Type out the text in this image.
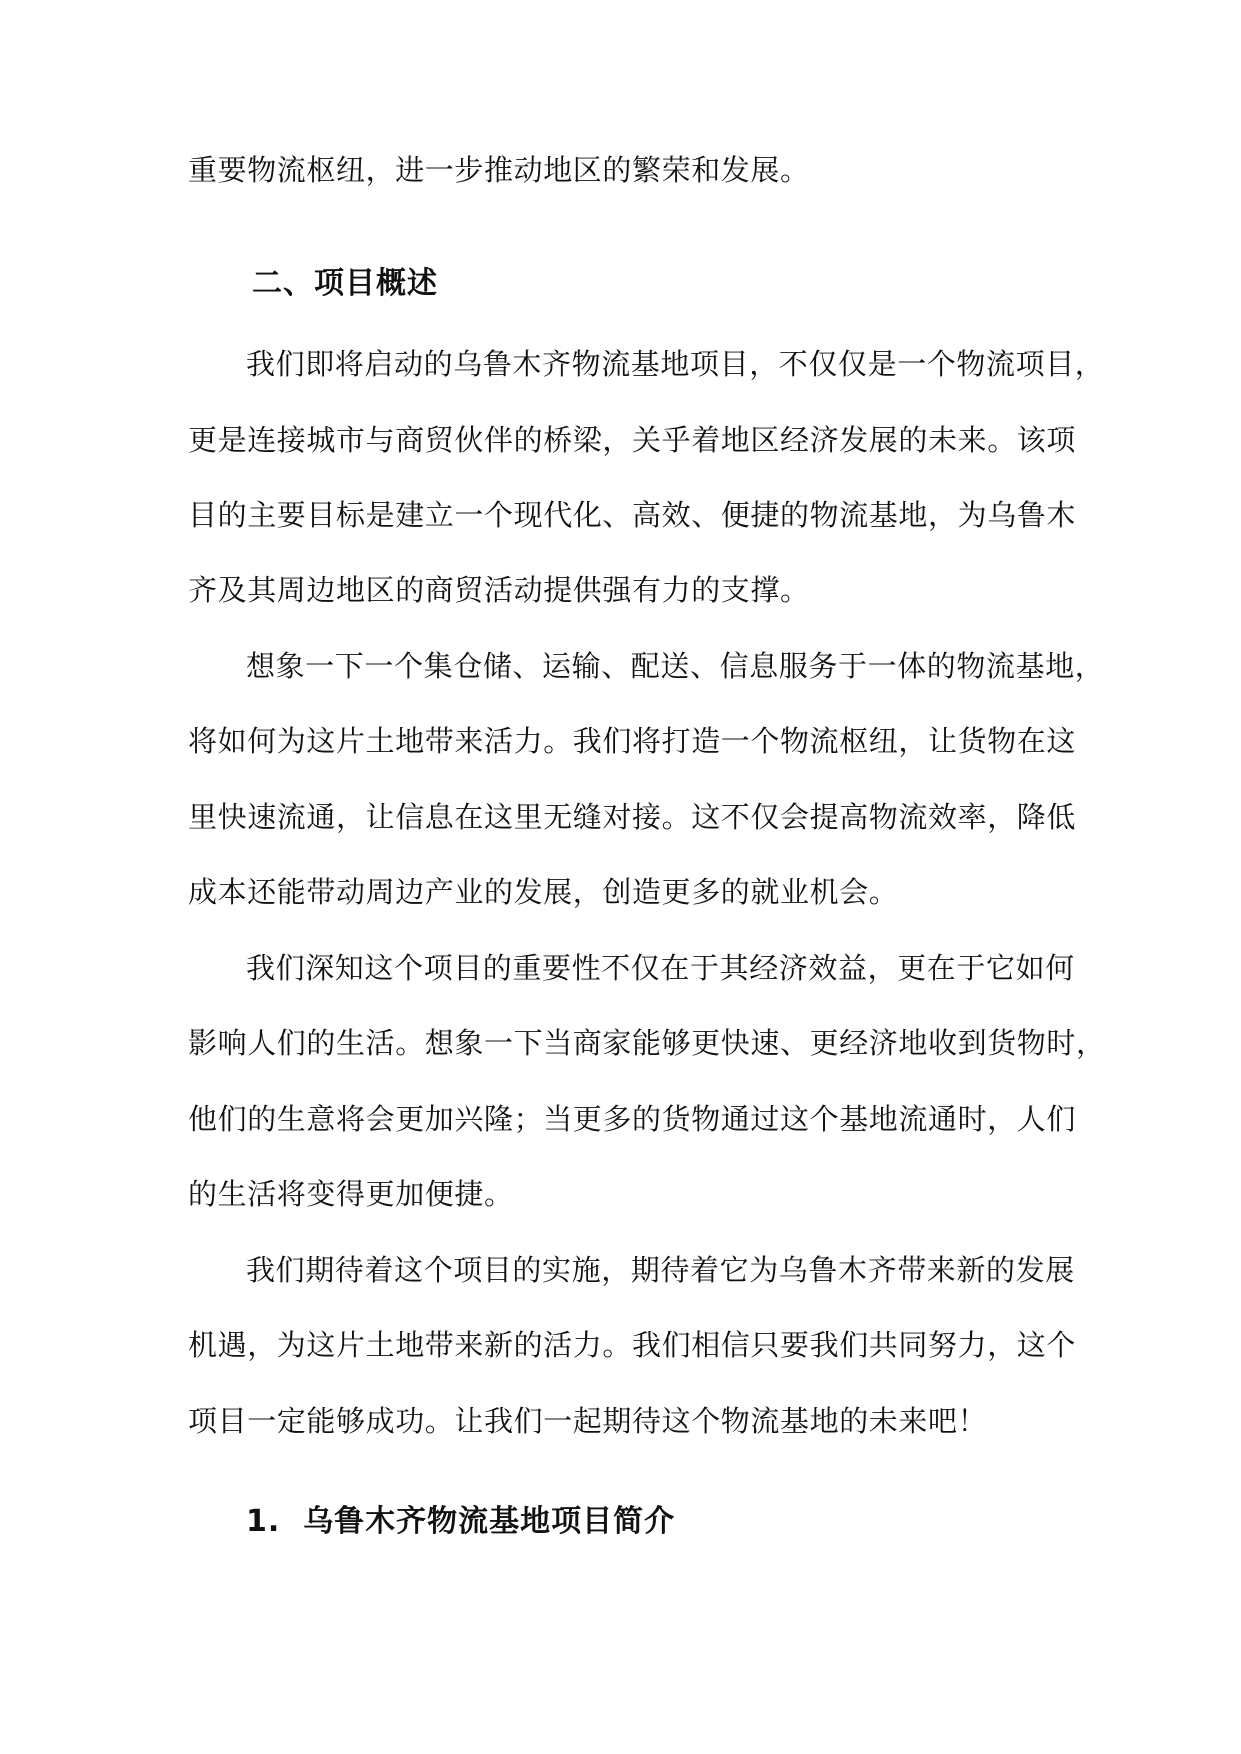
重要物流枢纽，进一步推动地区的繁荣和发展。
二、项目概述
我们即将启动的乌鲁木齐物流基地项目，不仅仅是一个物流项目，
更是连接城市与商贸伙伴的桥梁，关乎着地区经济发展的未来。该项
目的主要目标是建立一个现代化、高效、便捷的物流基地，为乌鲁木
齐及其周边地区的商贸活动提供强有力的支撑。
想象一下一个集仓储、运输、配送、信息服务于一体的物流基地，
将如何为这片土地带来活力。我们将打造一个物流枢纽，让货物在这
里快速流通，让信息在这里无缝对接。这不仅会提高物流效率，降低
成本还能带动周边产业的发展，创造更多的就业机会。
我们深知这个项目的重要性不仅在于其经济效益，更在于它如何
影响人们的生活。想象一下当商家能够更快速、更经济地收到货物时，
他们的生意将会更加兴隆；当更多的货物通过这个基地流通时，人们
的生活将变得更加便捷。
我们期待着这个项目的实施，期待着它为乌鲁木齐带来新的发展
机遇，为这片土地带来新的活力。我们相信只要我们共同努力，这个
项目一定能够成功。让我们一起期待这个物流基地的未来吧！
1.  乌鲁木齐物流基地项目简介
